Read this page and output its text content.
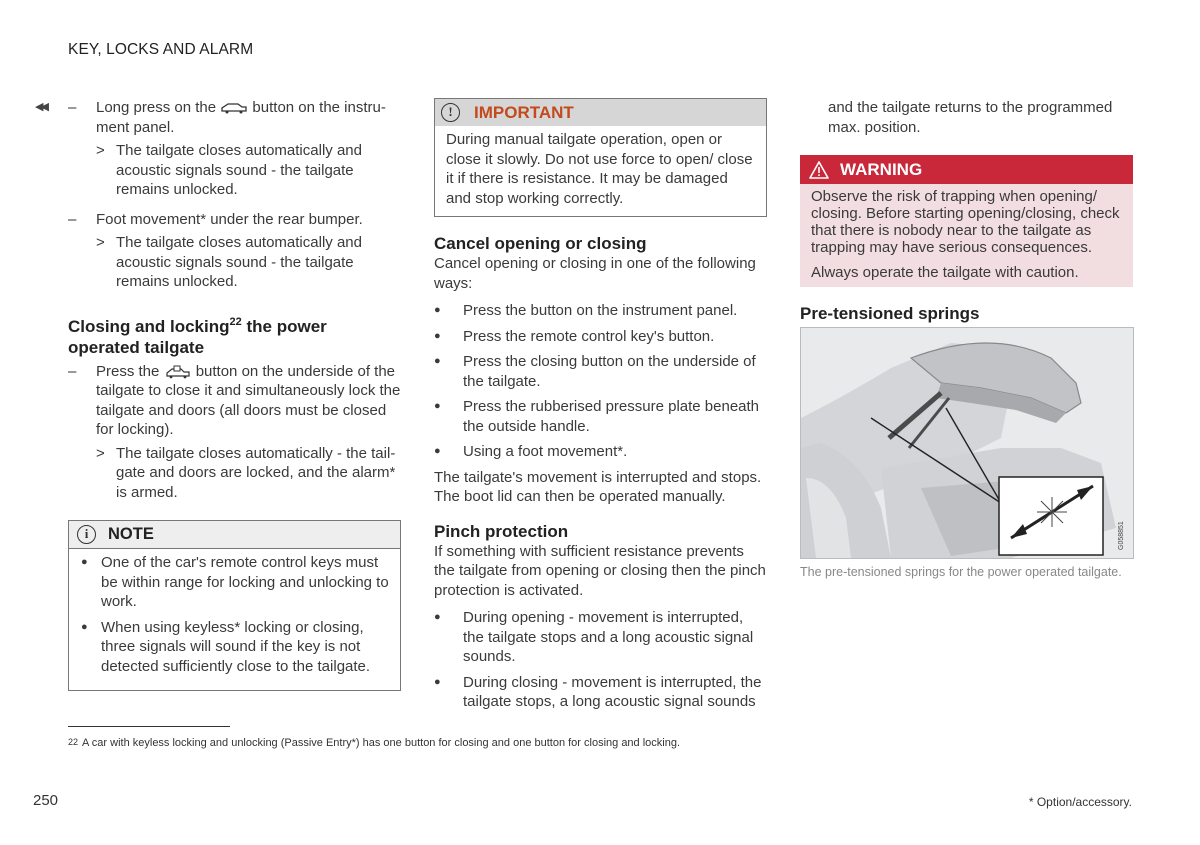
KEY, LOCKS AND ALARM
◀◀ –	Long press on the  button on the instrument panel.
> The tailgate closes automatically and acoustic signals sound - the tailgate remains unlocked.
–	Foot movement* under the rear bumper.
> The tailgate closes automatically and acoustic signals sound - the tailgate remains unlocked.
Closing and locking$^{22}$ the power operated tailgate
–	Press the  button on the underside of the tailgate to close it and simultaneously lock the tailgate and doors (all doors must be closed for locking).
> The tailgate closes automatically - the tailgate and doors are locked, and the alarm* is armed.
i	NOTE
● One of the car's remote control keys must be within range for locking and unlocking to work.
● When using keyless* locking or closing, three signals will sound if the key is not detected sufficiently close to the tailgate.
!	IMPORTANT
During manual tailgate operation, open or close it slowly. Do not use force to open/ close it if there is resistance. It may be damaged and stop working correctly.
Cancel opening or closing

Cancel opening or closing in one of the following ways:

●	Press the button on the instrument panel.
●	Press the remote control key's button.
●	Press the closing button on the underside of the tailgate.
●	Press the rubberised pressure plate beneath the outside handle.
●	Using a foot movement*.

The tailgate's movement is interrupted and stops. The boot lid can then be operated manually.

Pinch protection

If something with sufficient resistance prevents the tailgate from opening or closing then the pinch protection is activated.

●	During opening - movement is interrupted, the tailgate stops and a long acoustic signal sounds.
●	During closing - movement is interrupted, the tailgate stops, a long acoustic signal sounds

and the tailgate returns to the programmed max. position.

WARNING

Observe the risk of trapping when opening/ closing. Before starting opening/closing, check that there is nobody near to the tailgate as trapping may have serious consequences.

Always operate the tailgate with caution.

Pre-tensioned springs
G058851

The pre-tensioned springs for the power operated tailgate.

22 A car with keyless locking and unlocking (Passive Entry*) has one button for closing and one button for closing and locking.
250	* Option/accessory.
